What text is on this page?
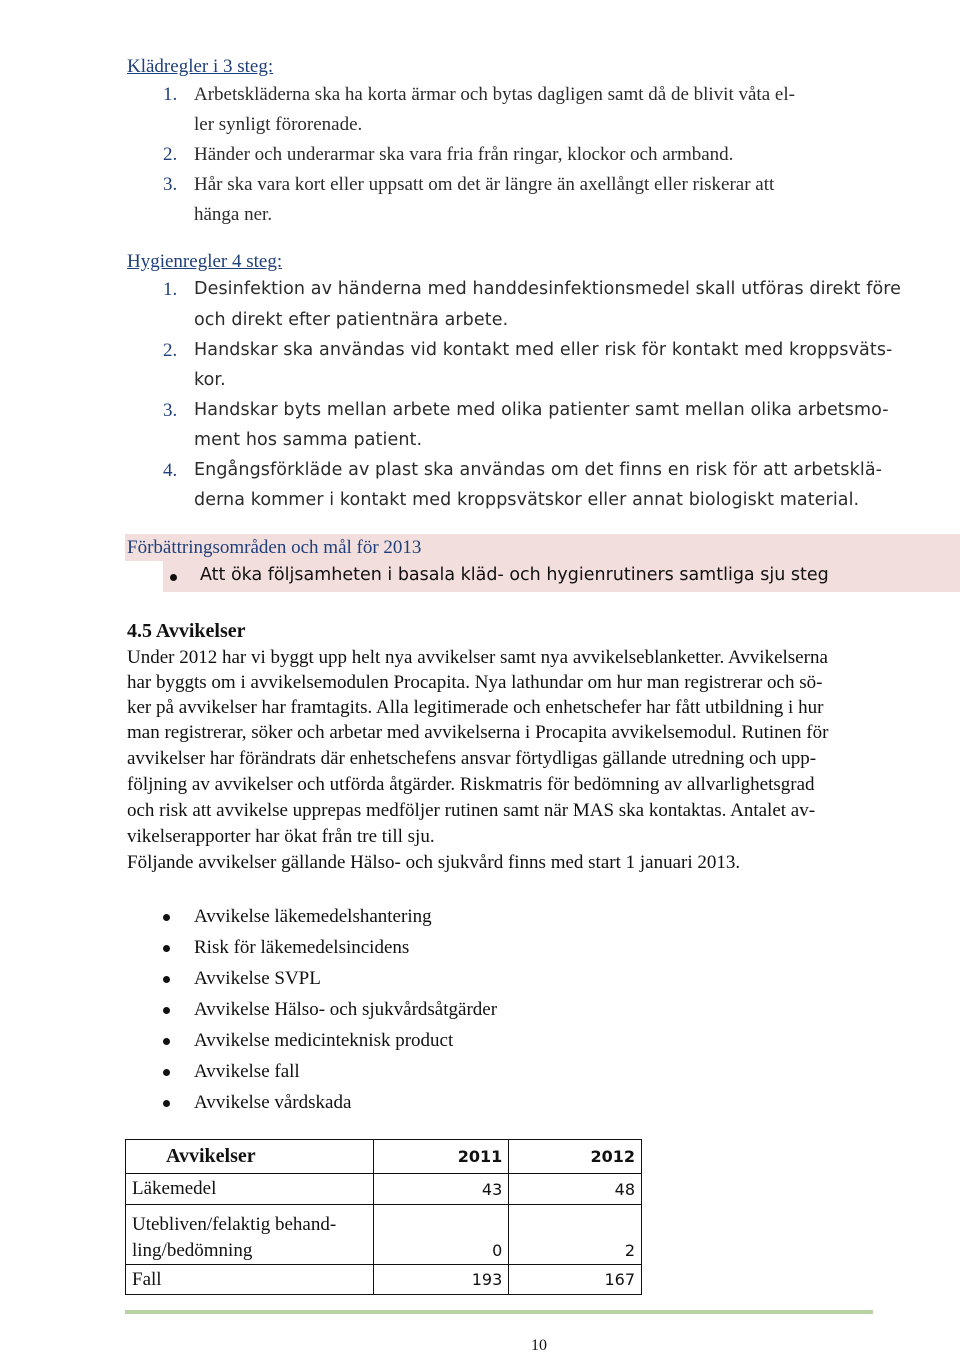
Klädregler i 3 steg:
1. Arbetskläderna ska ha korta ärmar och bytas dagligen samt då de blivit våta el-
ler synligt förorenade.
2. Händer och underarmar ska vara fria från ringar, klockor och armband.
3. Hår ska vara kort eller uppsatt om det är längre än axellångt eller riskerar att
hänga ner.
Hygienregler 4 steg:
1. Desinfektion av händerna med handdesinfektionsmedel skall utföras direkt före
och direkt efter patientnära arbete.
2. Handskar ska användas vid kontakt med eller risk för kontakt med kroppsväts-
kor.
3. Handskar byts mellan arbete med olika patienter samt mellan olika arbetsmo-
ment hos samma patient.
4. Engångsförkläde av plast ska användas om det finns en risk för att arbetsklä-
derna kommer i kontakt med kroppsvätskor eller annat biologiskt material.
Förbättringsområden och mål för 2013
Att öka följsamheten i basala kläd- och hygienrutiners samtliga sju steg
4.5 Avvikelser
Under 2012 har vi byggt upp helt nya avvikelser samt nya avvikelseblanketter. Avvikelserna
har byggts om i avvikelsemodulen Procapita. Nya lathundar om hur man registrerar och sö-
ker på avvikelser har framtagits. Alla legitimerade och enhetschefer har fått utbildning i hur
man registrerar, söker och arbetar med avvikelserna i Procapita avvikelsemodul. Rutinen för
avvikelser har förändrats där enhetschefens ansvar förtydligas gällande utredning och upp-
följning av avvikelser och utförda åtgärder. Riskmatris för bedömning av allvarlighetsgrad
och risk att avvikelse upprepas medföljer rutinen samt när MAS ska kontaktas. Antalet av-
vikelserapporter har ökat från tre till sju.
Följande avvikelser gällande Hälso- och sjukvård finns med start 1 januari 2013.
Avvikelse läkemedelshantering
Risk för läkemedelsincidens
Avvikelse SVPL
Avvikelse Hälso- och sjukvårdsåtgärder
Avvikelse medicinteknisk product
Avvikelse fall
Avvikelse vårdskada
Avvikelser	2011	2012
Läkemedel	43	48

Utebliven/felaktig behand-
ling/bedömning	0	2
Fall	193	167
10
